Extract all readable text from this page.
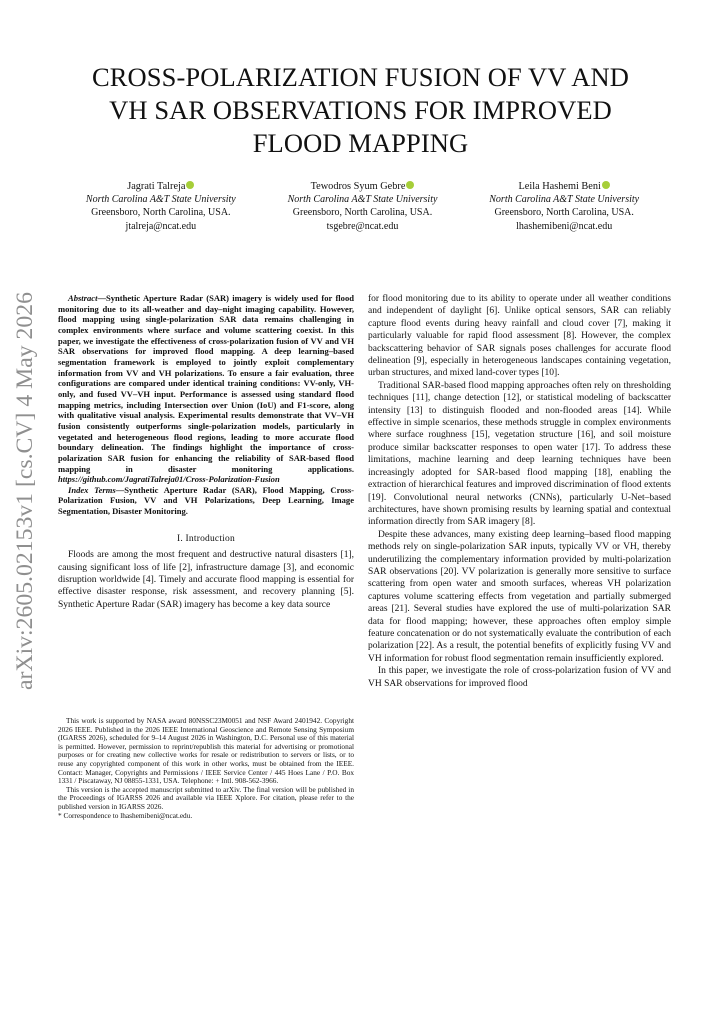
arXiv:2605.02153v1 [cs.CV] 4 May 2026
CROSS-POLARIZATION FUSION OF VV AND
VH SAR OBSERVATIONS FOR IMPROVED
FLOOD MAPPING
Jagrati Talreja
North Carolina A&T State University
Greensboro, North Carolina, USA.
jtalreja@ncat.edu
Tewodros Syum Gebre
North Carolina A&T State University
Greensboro, North Carolina, USA.
tsgebre@ncat.edu
Leila Hashemi Beni
North Carolina A&T State University
Greensboro, North Carolina, USA.
lhashemibeni@ncat.edu
Abstract—Synthetic Aperture Radar (SAR) imagery is widely used for flood monitoring due to its all-weather and day–night imaging capability. However, flood mapping using single-polarization SAR data remains challenging in complex environments where surface and volume scattering coexist. In this paper, we investigate the effectiveness of cross-polarization fusion of VV and VH SAR observations for improved flood mapping. A deep learning–based segmentation framework is employed to jointly exploit complementary information from VV and VH polarizations. To ensure a fair evaluation, three configurations are compared under identical training conditions: VV-only, VH-only, and fused VV–VH input. Performance is assessed using standard flood mapping metrics, including Intersection over Union (IoU) and F1-score, along with qualitative visual analysis. Experimental results demonstrate that VV–VH fusion consistently outperforms single-polarization models, particularly in vegetated and heterogeneous flood regions, leading to more accurate flood boundary delineation. The findings highlight the importance of cross-polarization SAR fusion for enhancing the reliability of SAR-based flood mapping in disaster monitoring applications. https://github.com/JagratiTalreja01/Cross-Polarization-Fusion
Index Terms—Synthetic Aperture Radar (SAR), Flood Mapping, Cross-Polarization Fusion, VV and VH Polarizations, Deep Learning, Image Segmentation, Disaster Monitoring.
I. Introduction

Floods are among the most frequent and destructive natural disasters [1], causing significant loss of life [2], infrastructure damage [3], and economic disruption worldwide [4]. Timely and accurate flood mapping is essential for effective disaster response, risk assessment, and recovery planning [5]. Synthetic Aperture Radar (SAR) imagery has become a key data source

This work is supported by NASA award 80NSSC23M0051 and NSF Award 2401942. Copyright 2026 IEEE. Published in the 2026 IEEE International Geoscience and Remote Sensing Symposium (IGARSS 2026), scheduled for 9–14 August 2026 in Washington, D.C. Personal use of this material is permitted. However, permission to reprint/republish this material for advertising or promotional purposes or for creating new collective works for resale or redistribution to servers or lists, or to reuse any copyrighted component of this work in other works, must be obtained from the IEEE. Contact: Manager, Copyrights and Permissions / IEEE Service Center / 445 Hoes Lane / P.O. Box 1331 / Piscataway, NJ 08855-1331, USA. Telephone: + Intl. 908-562-3966.

This version is the accepted manuscript submitted to arXiv. The final version will be published in the Proceedings of IGARSS 2026 and available via IEEE Xplore. For citation, please refer to the published version in IGARSS 2026.

* Correspondence to lhashemibeni@ncat.edu.

for flood monitoring due to its ability to operate under all weather conditions and independent of daylight [6]. Unlike optical sensors, SAR can reliably capture flood events during heavy rainfall and cloud cover [7], making it particularly valuable for rapid flood assessment [8]. However, the complex backscattering behavior of SAR signals poses challenges for accurate flood delineation [9], especially in heterogeneous landscapes containing vegetation, urban structures, and mixed land-cover types [10].

Traditional SAR-based flood mapping approaches often rely on thresholding techniques [11], change detection [12], or statistical modeling of backscatter intensity [13] to distinguish flooded and non-flooded areas [14]. While effective in simple scenarios, these methods struggle in complex environments where surface roughness [15], vegetation structure [16], and soil moisture produce similar backscatter responses to open water [17]. To address these limitations, machine learning and deep learning techniques have been increasingly adopted for SAR-based flood mapping [18], enabling the extraction of hierarchical features and improved discrimination of flood extents [19]. Convolutional neural networks (CNNs), particularly U-Net–based architectures, have shown promising results by learning spatial and contextual information directly from SAR imagery [8].

Despite these advances, many existing deep learning–based flood mapping methods rely on single-polarization SAR inputs, typically VV or VH, thereby underutilizing the complementary information provided by multi-polarization SAR observations [20]. VV polarization is generally more sensitive to surface scattering from open water and smooth surfaces, whereas VH polarization captures volume scattering effects from vegetation and partially submerged areas [21]. Several studies have explored the use of multi-polarization SAR data for flood mapping; however, these approaches often employ simple feature concatenation or do not systematically evaluate the contribution of each polarization [22]. As a result, the potential benefits of explicitly fusing VV and VH information for robust flood segmentation remain insufficiently explored.

In this paper, we investigate the role of cross-polarization fusion of VV and VH SAR observations for improved flood
